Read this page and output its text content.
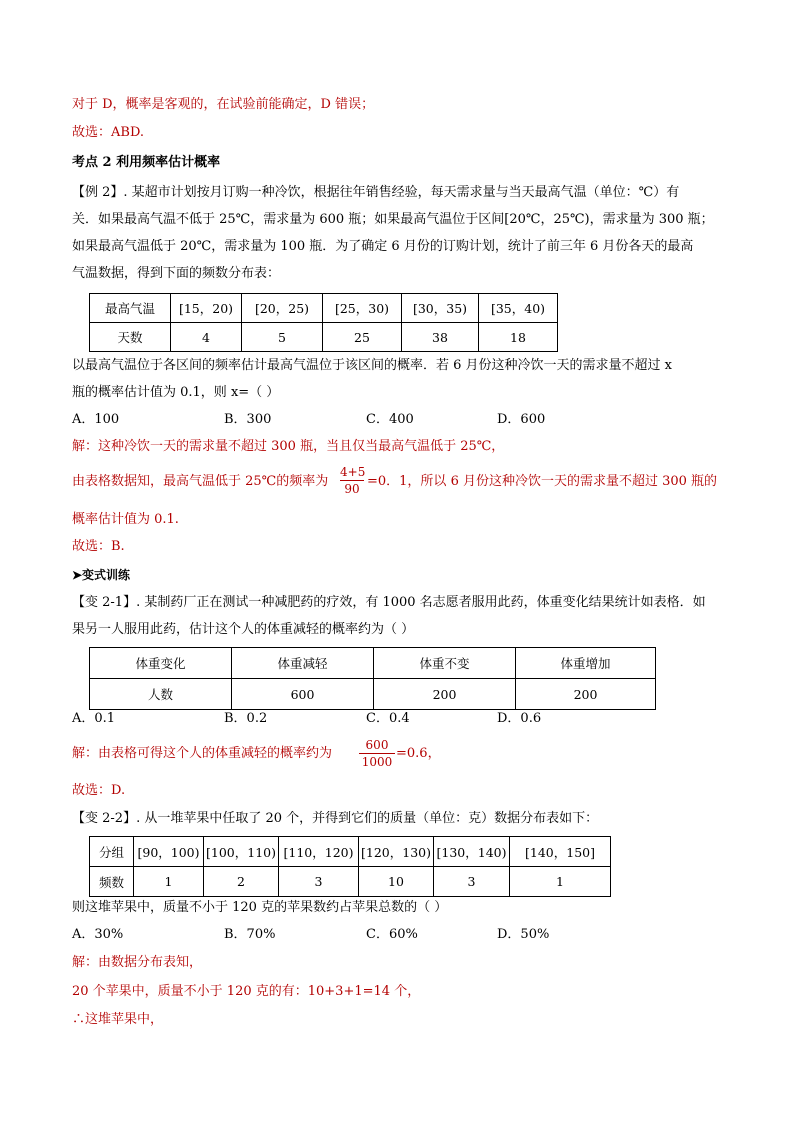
对于 D，概率是客观的，在试验前能确定，D 错误；
故选：ABD.
考点 2 利用频率估计概率
【例 2】. 某超市计划按月订购一种冷饮，根据往年销售经验，每天需求量与当天最高气温（单位：℃）有
关．如果最高气温不低于 25℃，需求量为 600 瓶；如果最高气温位于区间[20℃，25℃)，需求量为 300 瓶；
如果最高气温低于 20℃，需求量为 100 瓶．为了确定 6 月份的订购计划，统计了前三年 6 月份各天的最高
气温数据，得到下面的频数分布表：
最高气温	[15，20)	[20，25)	[25，30)	[30，35)	[35，40)
天数	4	5	25	38	18
以最高气温位于各区间的频率估计最高气温位于该区间的概率．若 6 月份这种冷饮一天的需求量不超过 x
瓶的概率估计值为 0.1，则 x=（ ）
A．100	B．300	C．400	D．600
解：这种冷饮一天的需求量不超过 300 瓶，当且仅当最高气温低于 25℃，
由表格数据知，最高气温低于 25℃的频率为
4+5
90 =0．1，所以 6 月份这种冷饮一天的需求量不超过 300 瓶的
概率估计值为 0.1.
故选：B.
➤变式训练
【变 2-1】. 某制药厂正在测试一种减肥药的疗效，有 1000 名志愿者服用此药，体重变化结果统计如表格．如
果另一人服用此药，估计这个人的体重减轻的概率约为（ ）
体重变化	体重减轻	体重不变	体重增加
人数	600	200	200
A．0.1	B．0.2	C．0.4	D．0.6
解：由表格可得这个人的体重减轻的概率约为
600
1000
=0.6，
故选：D.
【变 2-2】. 从一堆苹果中任取了 20 个，并得到它们的质量（单位：克）数据分布表如下：
分组	[90，100)	[100，110)	[110，120)	[120，130)	[130，140)	[140，150]
频数	1	2	3	10	3	1
则这堆苹果中，质量不小于 120 克的苹果数约占苹果总数的（ ）
A．30%	B．70%	C．60%	D．50%
解：由数据分布表知，
20 个苹果中，质量不小于 120 克的有：10+3+1=14 个，
∴这堆苹果中，
